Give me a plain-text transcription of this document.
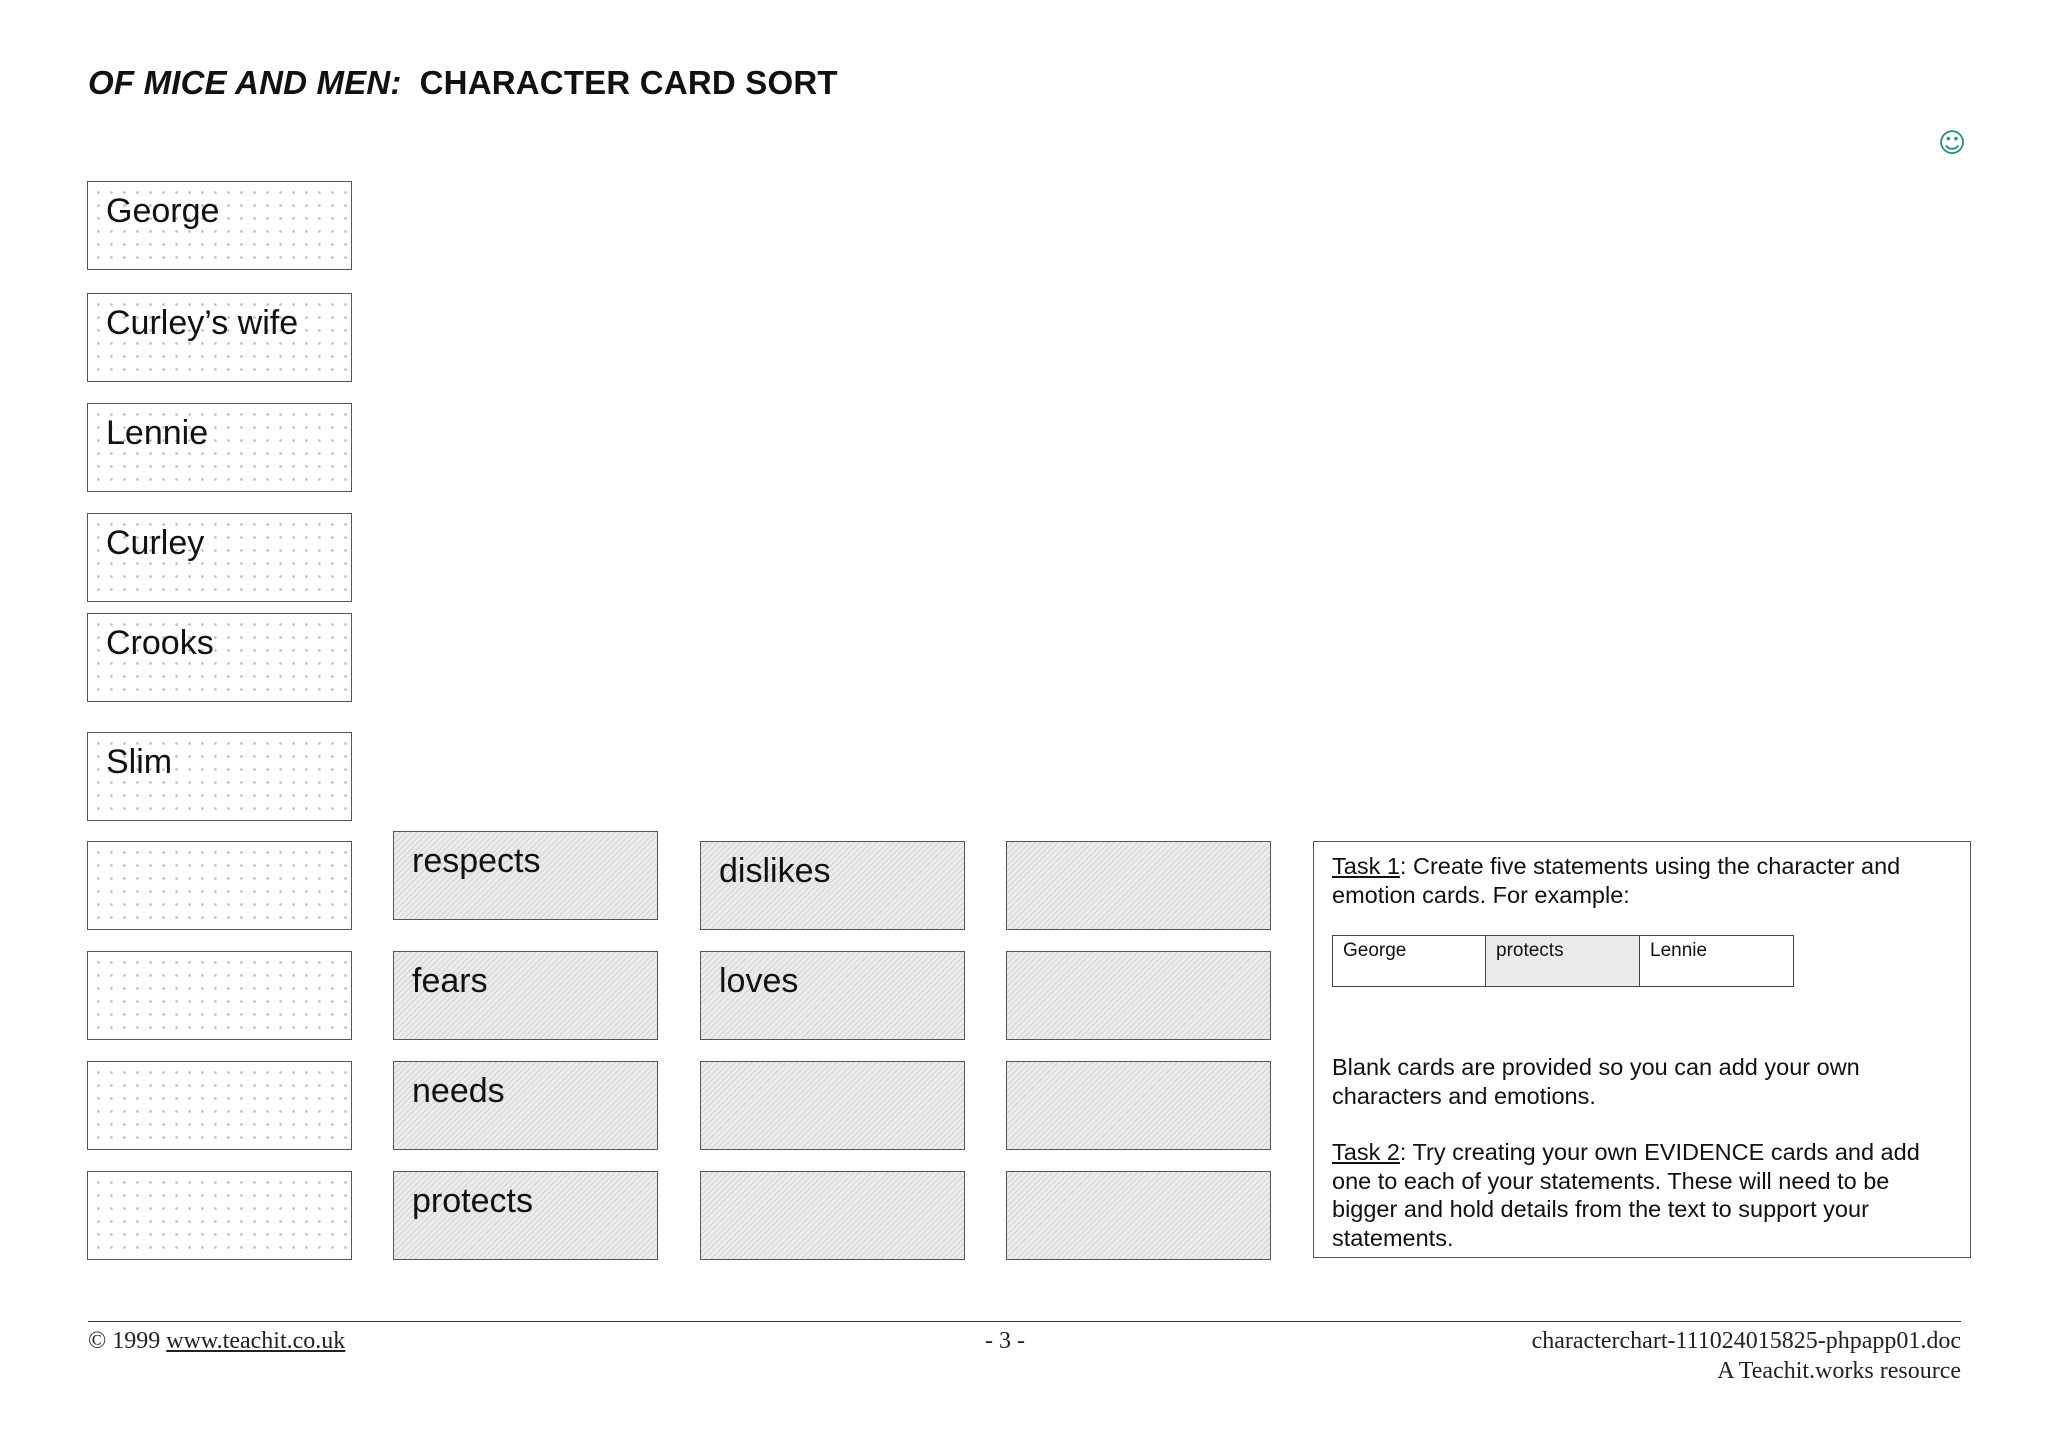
OF MICE AND MEN: CHARACTER CARD SORT
☺
George
Curley’s wife
Lennie
Curley
Crooks
Slim
respects
fears
needs
protects
dislikes
loves

Task 1: Create five statements using the character and emotion cards. For example:

George	protects	Lennie

Blank cards are provided so you can add your own characters and emotions.

Task 2: Try creating your own EVIDENCE cards and add one to each of your statements. These will need to be bigger and hold details from the text to support your statements.

© 1999 www.teachit.co.uk	- 3 -	characterchart-111024015825-phpapp01.doc
A Teachit.works resource
